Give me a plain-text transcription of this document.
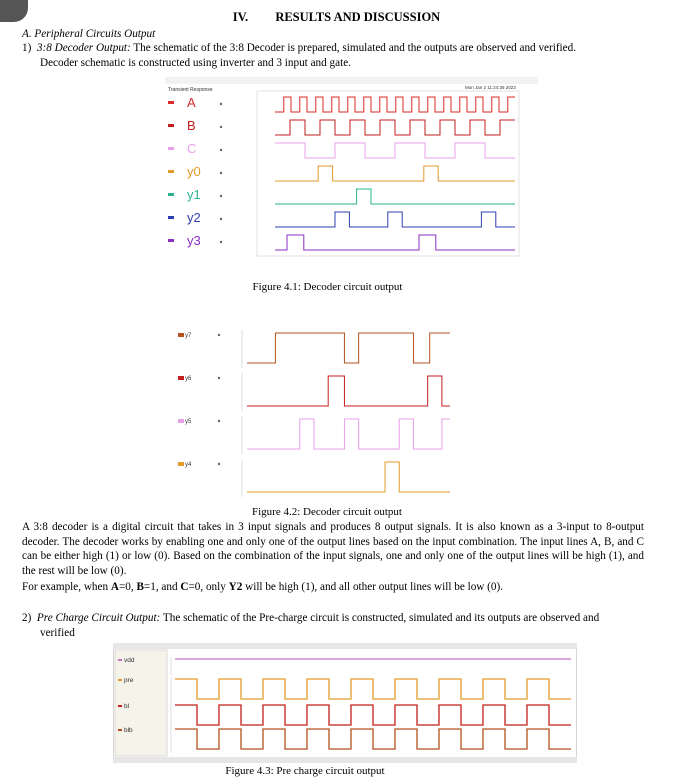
IV. RESULTS AND DISCUSSION
A. Peripheral Circuits Output
1) 3:8 Decoder Output: The schematic of the 3:8 Decoder is prepared, simulated and the outputs are observed and verified.
Decoder schematic is constructed using inverter and 3 input and gate.
Transient Response	Mon Jan 2 11:24:35 2023
A
B
C
y0
y1
y2
y3
Figure 4.1: Decoder circuit output
y7
y6
y5
y4
Figure 4.2: Decoder circuit output
A 3:8 decoder is a digital circuit that takes in 3 input signals and produces 8 output signals. It is also known as a 3-input to 8-output decoder. The decoder works by enabling one and only one of the output lines based on the input combination. The input lines A, B, and C can be either high (1) or low (0). Based on the combination of the input signals, one and only one of the output lines will be high (1), and the rest will be low (0).
For example, when A=0, B=1, and C=0, only Y2 will be high (1), and all other output lines will be low (0).
2) Pre Charge Circuit Output: The schematic of the Pre-charge circuit is constructed, simulated and its outputs are observed and
verified
vdd
pre
bl
blb
Figure 4.3: Pre charge circuit output
